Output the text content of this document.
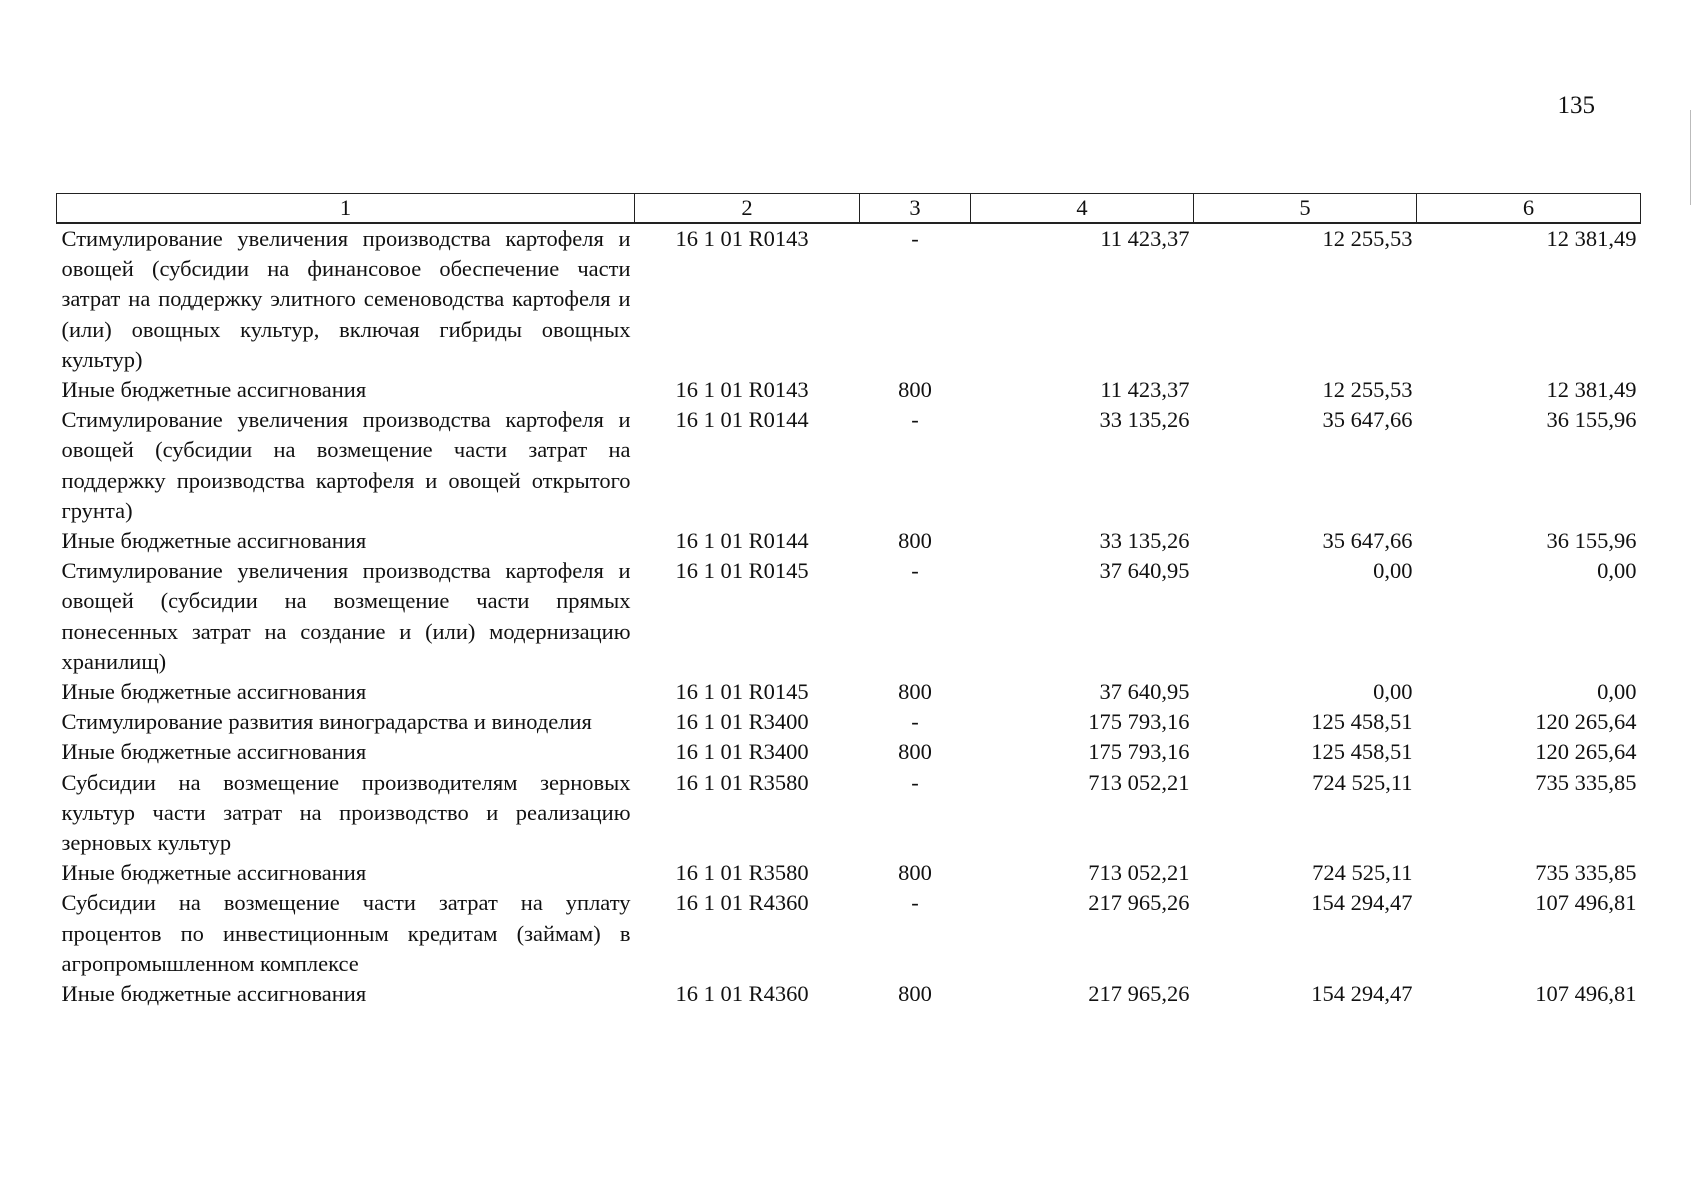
135
1	2	3	4	5	6
Стимулирование увеличения производства картофеля и овощей (субсидии на финансовое обеспечение части затрат на поддержку элитного семеноводства картофеля и (или) овощных культур, включая гибриды овощных культур)	16 1 01 R0143	-	11 423,37	12 255,53	12 381,49
Иные бюджетные ассигнования	16 1 01 R0143	800	11 423,37	12 255,53	12 381,49
Стимулирование увеличения производства картофеля и овощей (субсидии на возмещение части затрат на поддержку производства картофеля и овощей открытого грунта)	16 1 01 R0144	-	33 135,26	35 647,66	36 155,96
Иные бюджетные ассигнования	16 1 01 R0144	800	33 135,26	35 647,66	36 155,96
Стимулирование увеличения производства картофеля и овощей (субсидии на возмещение части прямых понесенных затрат на создание и (или) модернизацию хранилищ)	16 1 01 R0145	-	37 640,95	0,00	0,00
Иные бюджетные ассигнования	16 1 01 R0145	800	37 640,95	0,00	0,00
Стимулирование развития виноградарства и виноделия	16 1 01 R3400	-	175 793,16	125 458,51	120 265,64
Иные бюджетные ассигнования	16 1 01 R3400	800	175 793,16	125 458,51	120 265,64
Субсидии на возмещение производителям зерновых культур части затрат на производство и реализацию зерновых культур	16 1 01 R3580	-	713 052,21	724 525,11	735 335,85
Иные бюджетные ассигнования	16 1 01 R3580	800	713 052,21	724 525,11	735 335,85
Субсидии на возмещение части затрат на уплату процентов по инвестиционным кредитам (займам) в агропромышленном комплексе	16 1 01 R4360	-	217 965,26	154 294,47	107 496,81
Иные бюджетные ассигнования	16 1 01 R4360	800	217 965,26	154 294,47	107 496,81
